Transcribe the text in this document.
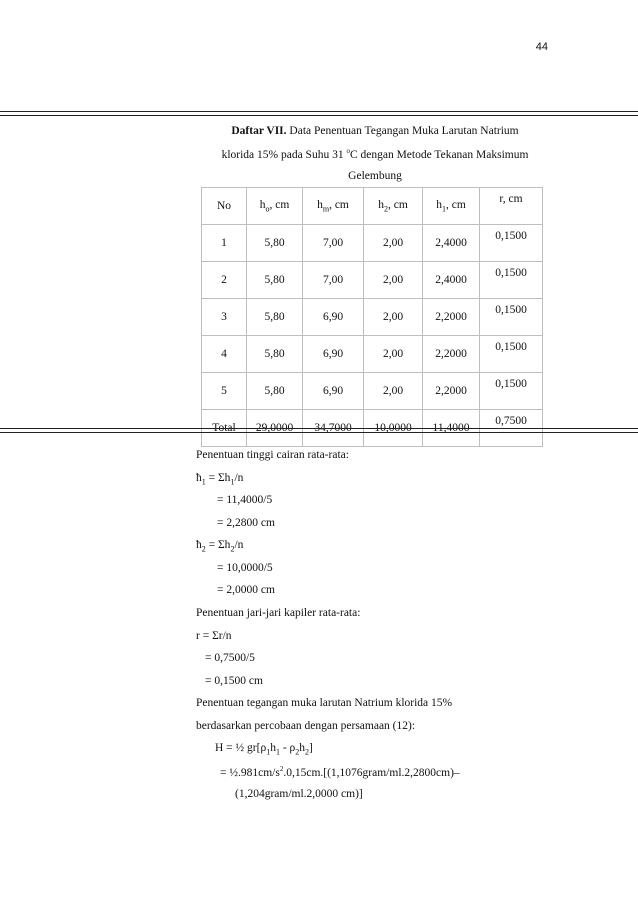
44
Daftar VII. Data Penentuan Tegangan Muka Larutan Natrium
klorida 15% pada Suhu 31 $^o$C dengan Metode Tekanan Maksimum
Gelembung
No	$h_o$, cm	$h_m$, cm	$h_2$, cm	$h_1$, cm	r, cm
1	5,80	7,00	2,00	2,4000	0,1500
2	5,80	7,00	2,00	2,4000	0,1500
3	5,80	6,90	2,00	2,2000	0,1500
4	5,80	6,90	2,00	2,2000	0,1500
5	5,80	6,90	2,00	2,2000	0,1500
Total	29,0000	34,7000	10,0000	11,4000	0,7500
Penentuan tinggi cairan rata-rata:
$ħ_1 = \Sigma h_1/n$
= 11,4000/5
= 2,2800 cm
$ħ_2 = \Sigma h_2/n$
= 10,0000/5
= 2,0000 cm
Penentuan jari-jari kapiler rata-rata:
r = Σr/n
= 0,7500/5
= 0,1500 cm
Penentuan tegangan muka larutan Natrium klorida 15%
berdasarkan percobaan dengan persamaan (12):
H = ½ $gr[\rho_1h_1 - \rho_2h_2]$
= $\frac{1}{2}.981cm/s^2.0,15cm.[(1,1076gram/ml.2,2800cm)-$
(1,204gram/ml.2,0000 cm)]
